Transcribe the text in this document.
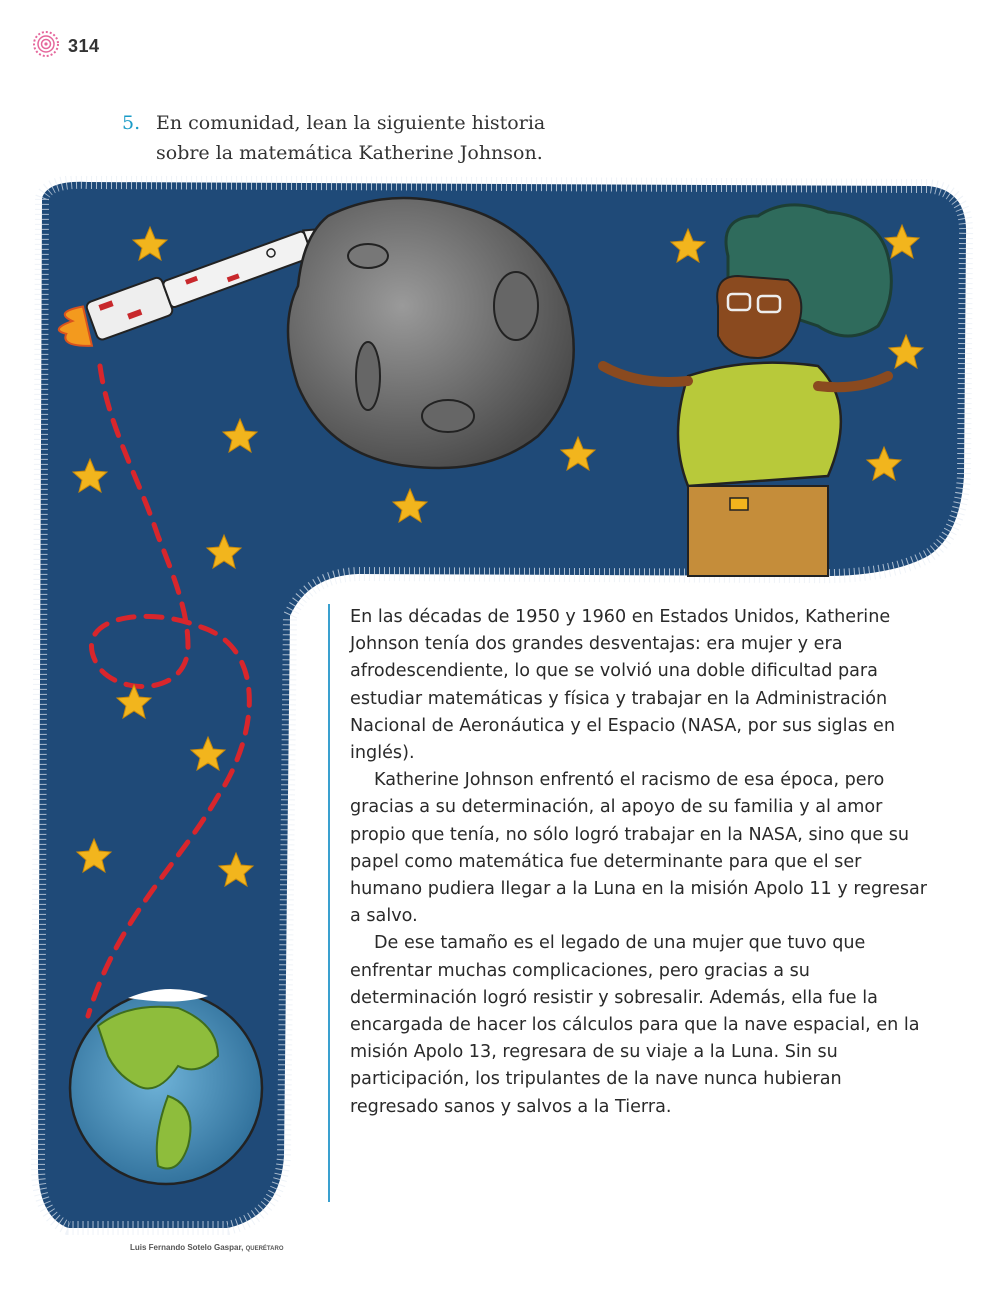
314
5. En comunidad, lean la siguiente historia
sobre la matemática Katherine Johnson.

En las décadas de 1950 y 1960 en Estados Unidos, Katherine Johnson tenía dos grandes desventajas: era mujer y era afrodescendiente, lo que se volvió una doble dificultad para estudiar matemáticas y física y trabajar en la Administración Nacional de Aeronáutica y el Espacio (NASA, por sus siglas en inglés).

Katherine Johnson enfrentó el racismo de esa época, pero gracias a su determinación, al apoyo de su familia y al amor propio que tenía, no sólo logró trabajar en la NASA, sino que su papel como matemática fue determinante para que el ser humano pudiera llegar a la Luna en la misión Apolo 11 y regresar a salvo.

De ese tamaño es el legado de una mujer que tuvo que enfrentar muchas complicaciones, pero gracias a su determinación logró resistir y sobresalir. Además, ella fue la encargada de hacer los cálculos para que la nave espacial, en la misión Apolo 13, regresara de su viaje a la Luna. Sin su participación, los tripulantes de la nave nunca hubieran regresado sanos y salvos a la Tierra.

Luis Fernando Sotelo Gaspar, QUERÉTARO
